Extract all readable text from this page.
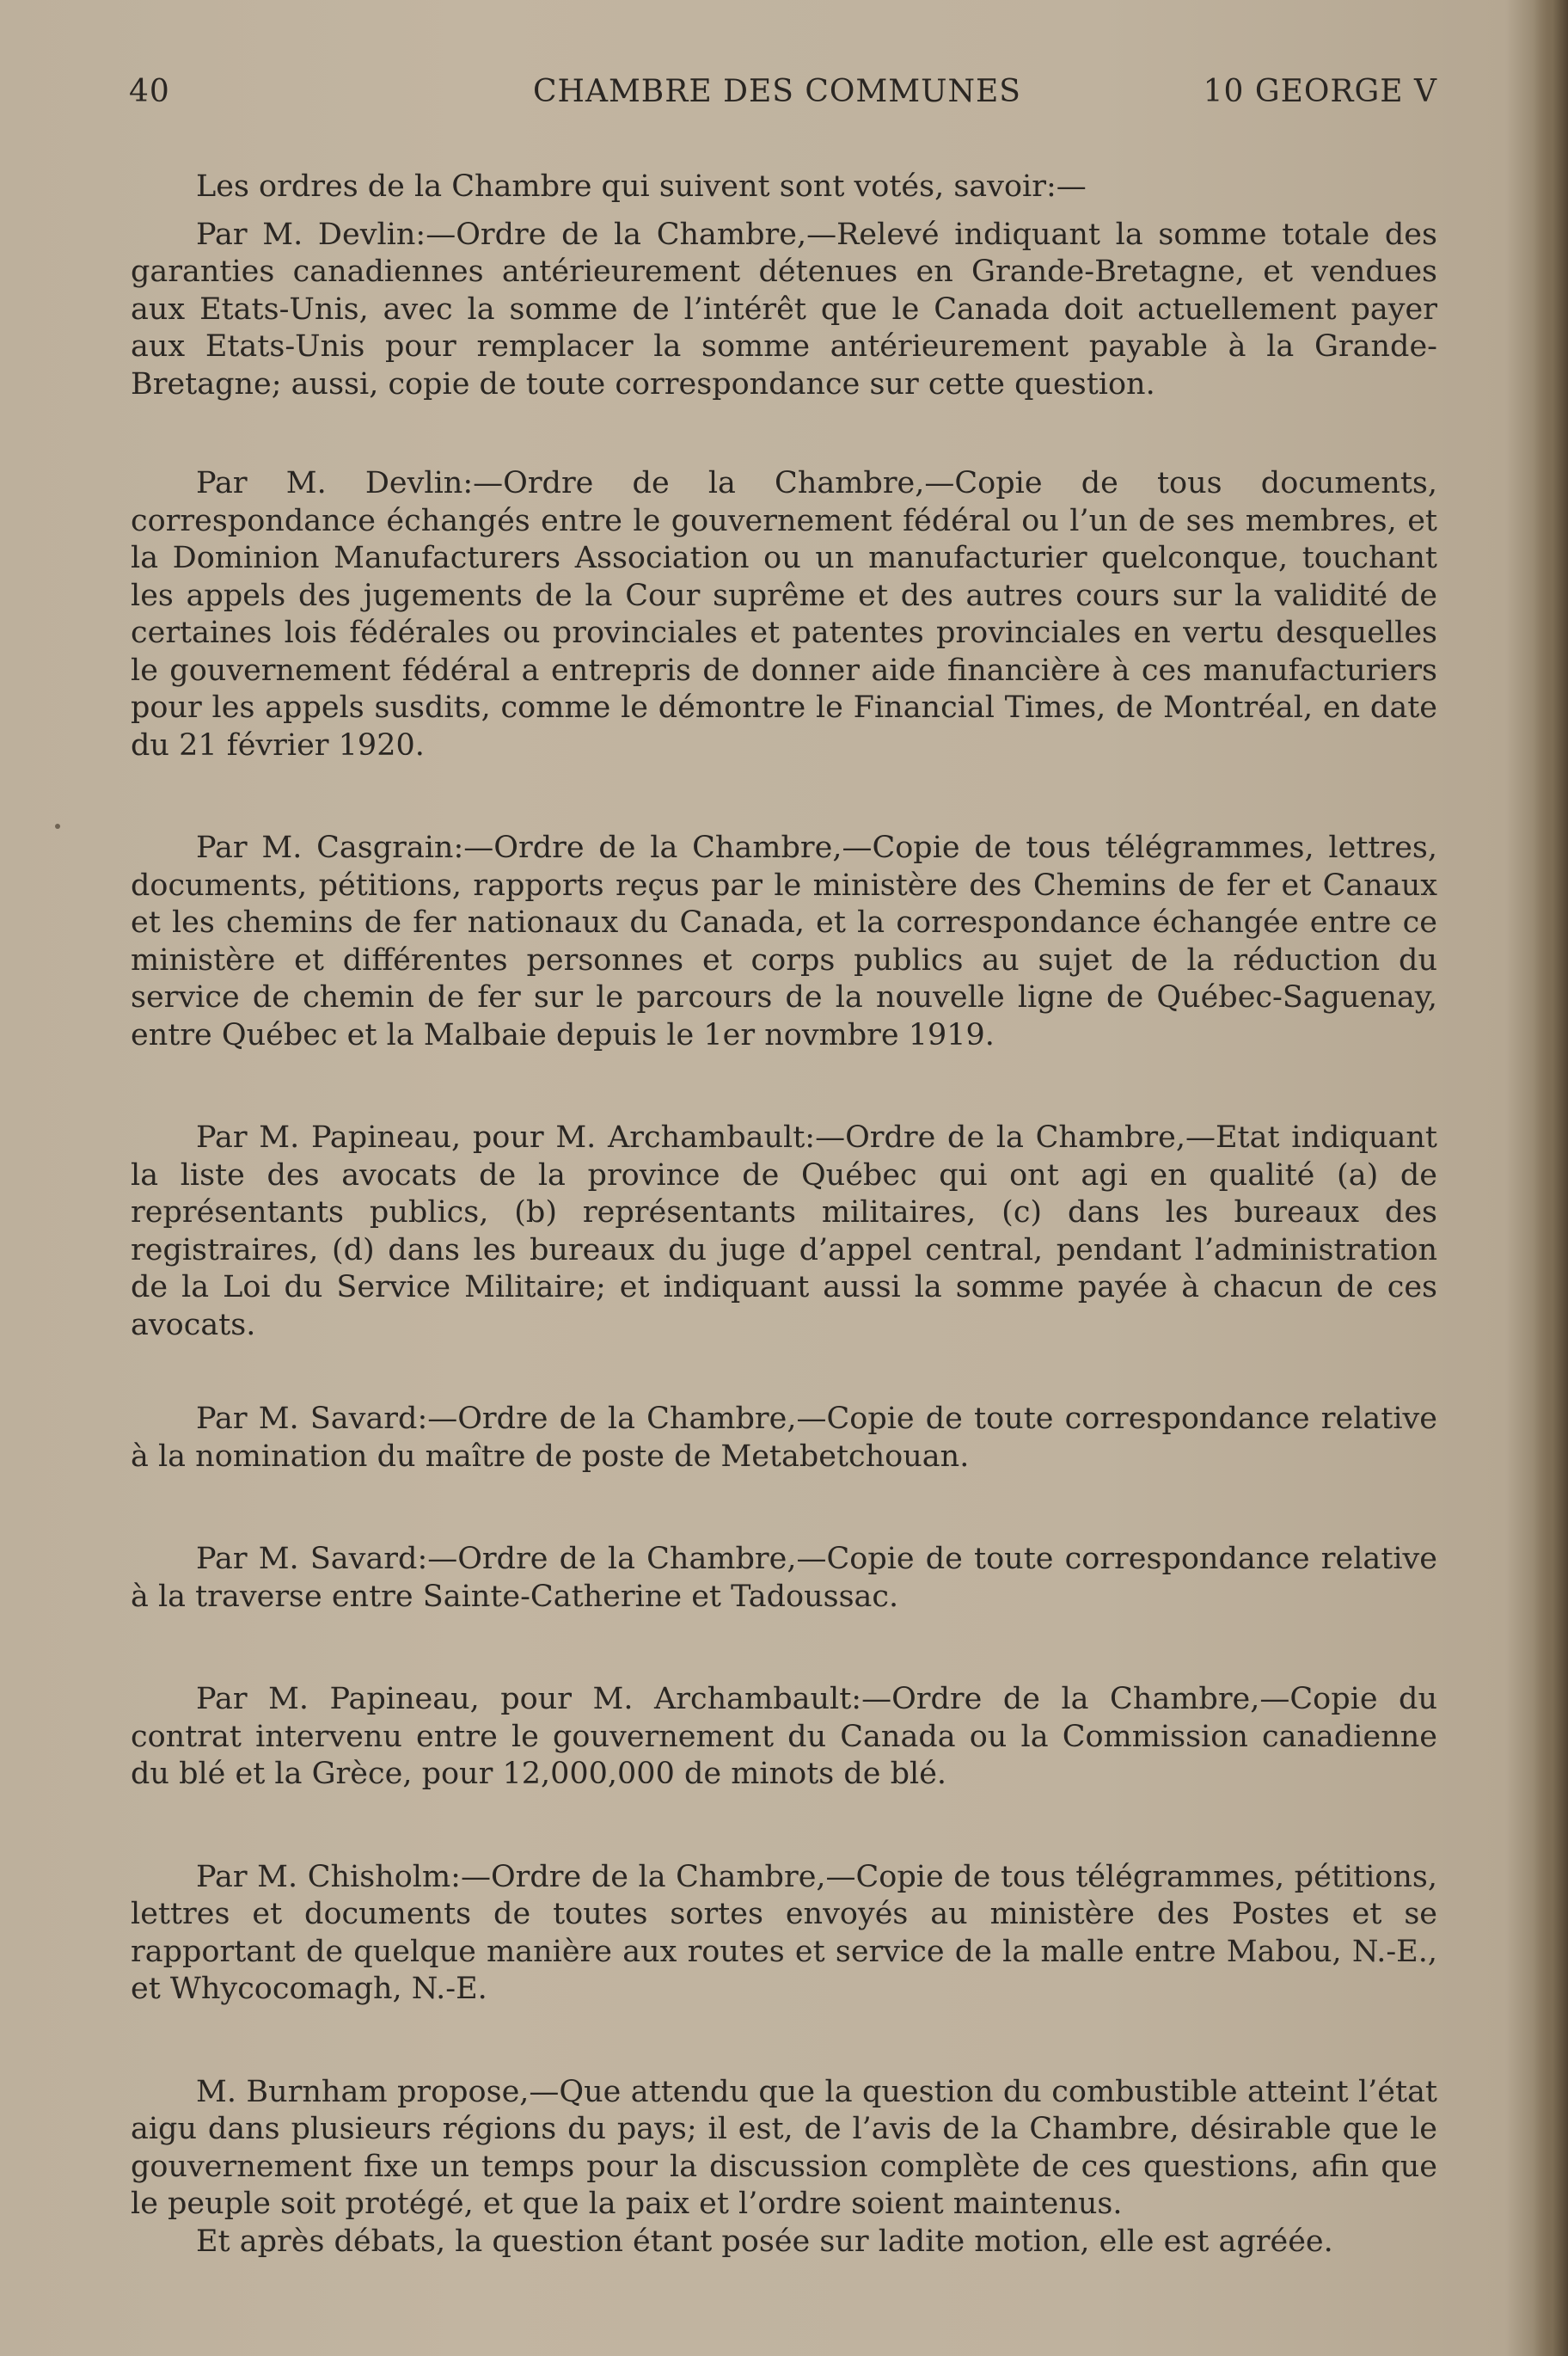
40	CHAMBRE DES COMMUNES	10 GEORGE V

Les ordres de la Chambre qui suivent sont votés, savoir:—

Par M. Devlin:—Ordre de la Chambre,—Relevé indiquant la somme totale des garanties canadiennes antérieurement détenues en Grande-Bretagne, et vendues aux Etats-Unis, avec la somme de l’intérêt que le Canada doit actuellement payer aux Etats-Unis pour remplacer la somme antérieurement payable à la Grande-Bretagne; aussi, copie de toute correspondance sur cette question.

Par M. Devlin:—Ordre de la Chambre,—Copie de tous documents, correspondance échangés entre le gouvernement fédéral ou l’un de ses membres, et la Dominion Manufacturers Association ou un manufacturier quelconque, touchant les appels des jugements de la Cour suprême et des autres cours sur la validité de certaines lois fédérales ou provinciales et patentes provinciales en vertu desquelles le gouvernement fédéral a entrepris de donner aide financière à ces manufacturiers pour les appels susdits, comme le démontre le Financial Times, de Montréal, en date du 21 février 1920.

Par M. Casgrain:—Ordre de la Chambre,—Copie de tous télégrammes, lettres, documents, pétitions, rapports reçus par le ministère des Chemins de fer et Canaux et les chemins de fer nationaux du Canada, et la correspondance échangée entre ce ministère et différentes personnes et corps publics au sujet de la réduction du service de chemin de fer sur le parcours de la nouvelle ligne de Québec-Saguenay, entre Québec et la Malbaie depuis le 1er novmbre 1919.

Par M. Papineau, pour M. Archambault:—Ordre de la Chambre,—Etat indiquant la liste des avocats de la province de Québec qui ont agi en qualité (a) de représentants publics, (b) représentants militaires, (c) dans les bureaux des registraires, (d) dans les bureaux du juge d’appel central, pendant l’administration de la Loi du Service Militaire; et indiquant aussi la somme payée à chacun de ces avocats.

Par M. Savard:—Ordre de la Chambre,—Copie de toute correspondance relative à la nomination du maître de poste de Metabetchouan.

Par M. Savard:—Ordre de la Chambre,—Copie de toute correspondance relative à la traverse entre Sainte-Catherine et Tadoussac.

Par M. Papineau, pour M. Archambault:—Ordre de la Chambre,—Copie du contrat intervenu entre le gouvernement du Canada ou la Commission canadienne du blé et la Grèce, pour 12,000,000 de minots de blé.

Par M. Chisholm:—Ordre de la Chambre,—Copie de tous télégrammes, pétitions, lettres et documents de toutes sortes envoyés au ministère des Postes et se rapportant de quelque manière aux routes et service de la malle entre Mabou, N.-E., et Whycocomagh, N.-E.

M. Burnham propose,—Que attendu que la question du combustible atteint l’état aigu dans plusieurs régions du pays; il est, de l’avis de la Chambre, désirable que le gouvernement fixe un temps pour la discussion complète de ces questions, afin que le peuple soit protégé, et que la paix et l’ordre soient maintenus.

Et après débats, la question étant posée sur ladite motion, elle est agréée.
